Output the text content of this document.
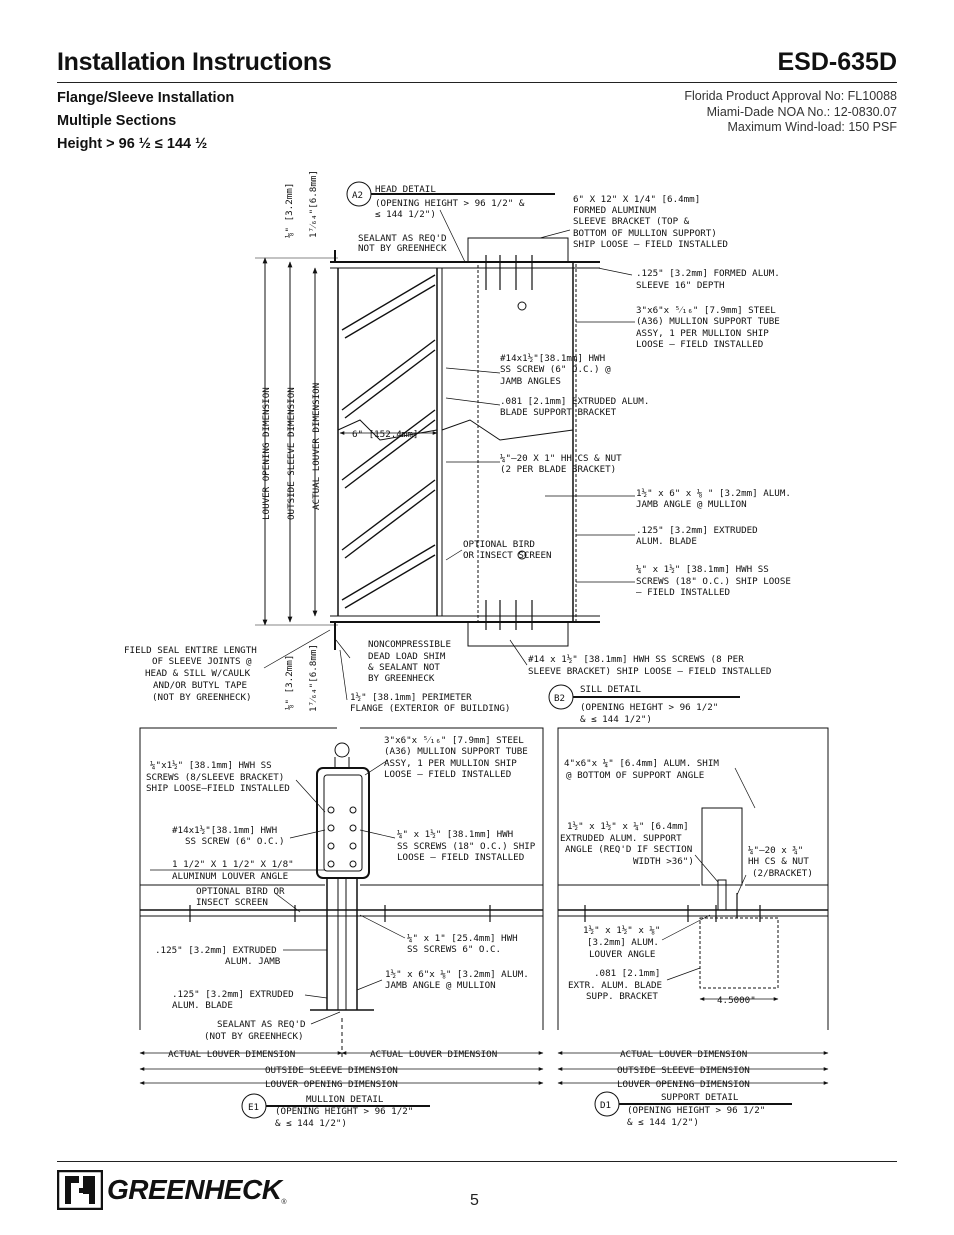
Installation Instructions	ESD-635D
Flange/Sleeve Installation
Multiple Sections
Height > 96 ½ ≤ 144 ½
Florida Product Approval No: FL10088
Miami-Dade NOA No.: 12-0830.07
Maximum Wind-load: 150 PSF
A2
B2
E1	D1
HEAD DETAIL
(OPENING HEIGHT > 96 1/2" &
≤ 144 1/2")
⅛" [3.2mm] 1⁷⁄₆₄"[6.8mm]
SEALANT AS REQ'D
NOT BY GREENHECK
6" X 12" X 1/4" [6.4mm]
FORMED ALUMINUM
SLEEVE BRACKET (TOP &
BOTTOM OF MULLION SUPPORT)
SHIP LOOSE — FIELD INSTALLED
.125" [3.2mm] FORMED ALUM.
SLEEVE 16" DEPTH
3"x6"x ⁵⁄₁₆" [7.9mm] STEEL
(A36) MULLION SUPPORT TUBE
ASSY, 1 PER MULLION SHIP
LOOSE — FIELD INSTALLED
#14x1½"[38.1mm] HWH
SS SCREW (6" O.C.) @
JAMB ANGLES
.081 [2.1mm] EXTRUDED ALUM.
BLADE SUPPORT BRACKET
6" [152.4mm]
¼"–20 X 1" HH CS & NUT
(2 PER BLADE BRACKET)
1½" x 6" x ⅛ " [3.2mm] ALUM.
JAMB ANGLE @ MULLION
.125" [3.2mm] EXTRUDED
ALUM. BLADE
OPTIONAL BIRD
OR INSECT SCREEN
¼" x 1½" [38.1mm] HWH SS
SCREWS (18" O.C.) SHIP LOOSE
— FIELD INSTALLED
LOUVER OPENING DIMENSION OUTSIDE SLEEVE DIMENSION ACTUAL LOUVER DIMENSION
SILL DETAIL
(OPENING HEIGHT > 96 1/2"
& ≤ 144 1/2")
FIELD SEAL ENTIRE LENGTH
OF SLEEVE JOINTS @
HEAD & SILL W/CAULK
AND/OR BUTYL TAPE
(NOT BY GREENHECK)
NONCOMPRESSIBLE
DEAD LOAD SHIM
& SEALANT NOT
BY GREENHECK
#14 x 1½" [38.1mm] HWH SS SCREWS (8 PER
SLEEVE BRACKET) SHIP LOOSE — FIELD INSTALLED
⅛" [3.2mm] 1⁷⁄₆₄"[6.8mm]	1½" [38.1mm] PERIMETER
FLANGE (EXTERIOR OF BUILDING)
MULLION DETAIL
(OPENING HEIGHT > 96 1/2"
& ≤ 144 1/2")
3"x6"x ⁵⁄₁₆" [7.9mm] STEEL
(A36) MULLION SUPPORT TUBE
ASSY, 1 PER MULLION SHIP
LOOSE — FIELD INSTALLED
¼"x1½" [38.1mm] HWH SS
SCREWS (8/SLEEVE BRACKET)
SHIP LOOSE—FIELD INSTALLED
#14x1½"[38.1mm] HWH
SS SCREW (6" O.C.)
1 1/2" X 1 1/2" X 1/8"
ALUMINUM LOUVER ANGLE
¼" x 1½" [38.1mm] HWH
SS SCREWS (18" O.C.) SHIP
LOOSE — FIELD INSTALLED
OPTIONAL BIRD OR
INSECT SCREEN
¼" x 1" [25.4mm] HWH
SS SCREWS 6" O.C.
.125" [3.2mm] EXTRUDED
ALUM. JAMB
1½" x 6"x ⅛" [3.2mm] ALUM.
JAMB ANGLE @ MULLION
.125" [3.2mm] EXTRUDED
ALUM. BLADE
SEALANT AS REQ'D
(NOT BY GREENHECK)
ACTUAL LOUVER DIMENSION	ACTUAL LOUVER DIMENSION
OUTSIDE SLEEVE DIMENSION
LOUVER OPENING DIMENSION
SUPPORT DETAIL
(OPENING HEIGHT > 96 1/2"
& ≤ 144 1/2")
4"x6"x ¼" [6.4mm] ALUM. SHIM
@ BOTTOM OF SUPPORT ANGLE
1½" x 1½" x ¼" [6.4mm]
EXTRUDED ALUM. SUPPORT
ANGLE (REQ'D IF SECTION
WIDTH >36")
¼"–20 x ¾"
HH CS & NUT
(2/BRACKET)
1½" x 1½" x ⅛"
[3.2mm] ALUM.
LOUVER ANGLE
.081 [2.1mm]
EXTR. ALUM. BLADE
SUPP. BRACKET	4.5000"
ACTUAL LOUVER DIMENSION
OUTSIDE SLEEVE DIMENSION
LOUVER OPENING DIMENSION
GREENHECK ®	5
